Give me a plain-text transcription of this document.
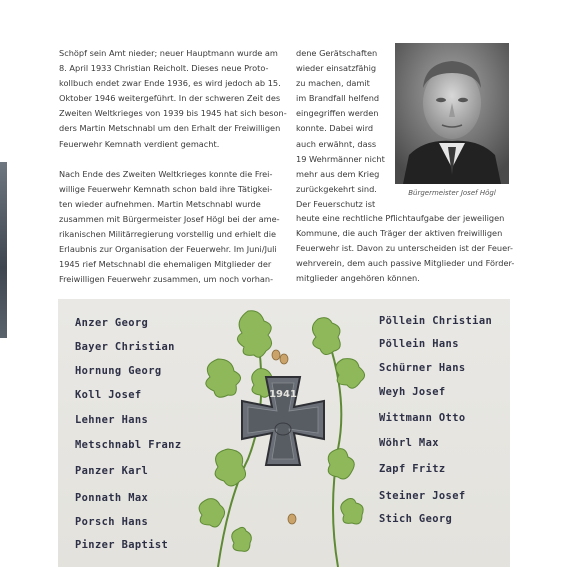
Schöpf sein Amt nieder; neuer Hauptmann wurde am
8. April 1933 Christian Reicholt. Dieses neue Proto-
kollbuch endet zwar Ende 1936, es wird jedoch ab 15.
Oktober 1946 weitergeführt. In der schweren Zeit des
Zweiten Weltkrieges von 1939 bis 1945 hat sich beson-
ders Martin Metschnabl um den Erhalt der Freiwilligen
Feuerwehr Kemnath verdient gemacht.

Nach Ende des Zweiten Weltkrieges konnte die Frei-
willige Feuerwehr Kemnath schon bald ihre Tätigkei-
ten wieder aufnehmen. Martin Metschnabl wurde
zusammen mit Bürgermeister Josef Högl bei der ame-
rikanischen Militärregierung vorstellig und erhielt die
Erlaubnis zur Organisation der Feuerwehr. Im Juni/Juli
1945 rief Metschnabl die ehemaligen Mitglieder der
Freiwilligen Feuerwehr zusammen, um noch vorhan-

dene Gerätschaften
wieder einsatzfähig
zu machen, damit
im Brandfall helfend
eingegriffen werden
konnte. Dabei wird
auch erwähnt, dass
19 Wehrmänner nicht
mehr aus dem Krieg
zurückgekehrt sind.
Der Feuerschutz ist
heute eine rechtliche Pflichtaufgabe der jeweiligen
Kommune, die auch Träger der aktiven freiwilligen
Feuerwehr ist. Davon zu unterscheiden ist der Feuer-
wehrverein, dem auch passive Mitglieder und Förder-
mitglieder angehören können.
Bürgermeister Josef Högl
1941
Anzer Georg
Bayer Christian
Hornung Georg
Koll Josef
Lehner Hans
Metschnabl Franz
Panzer Karl
Ponnath Max
Porsch Hans
Pinzer Baptist
Pöllein Christian
Pöllein Hans
Schürner Hans
Weyh Josef
Wittmann Otto
Wöhrl Max
Zapf Fritz
Steiner Josef
Stich Georg
